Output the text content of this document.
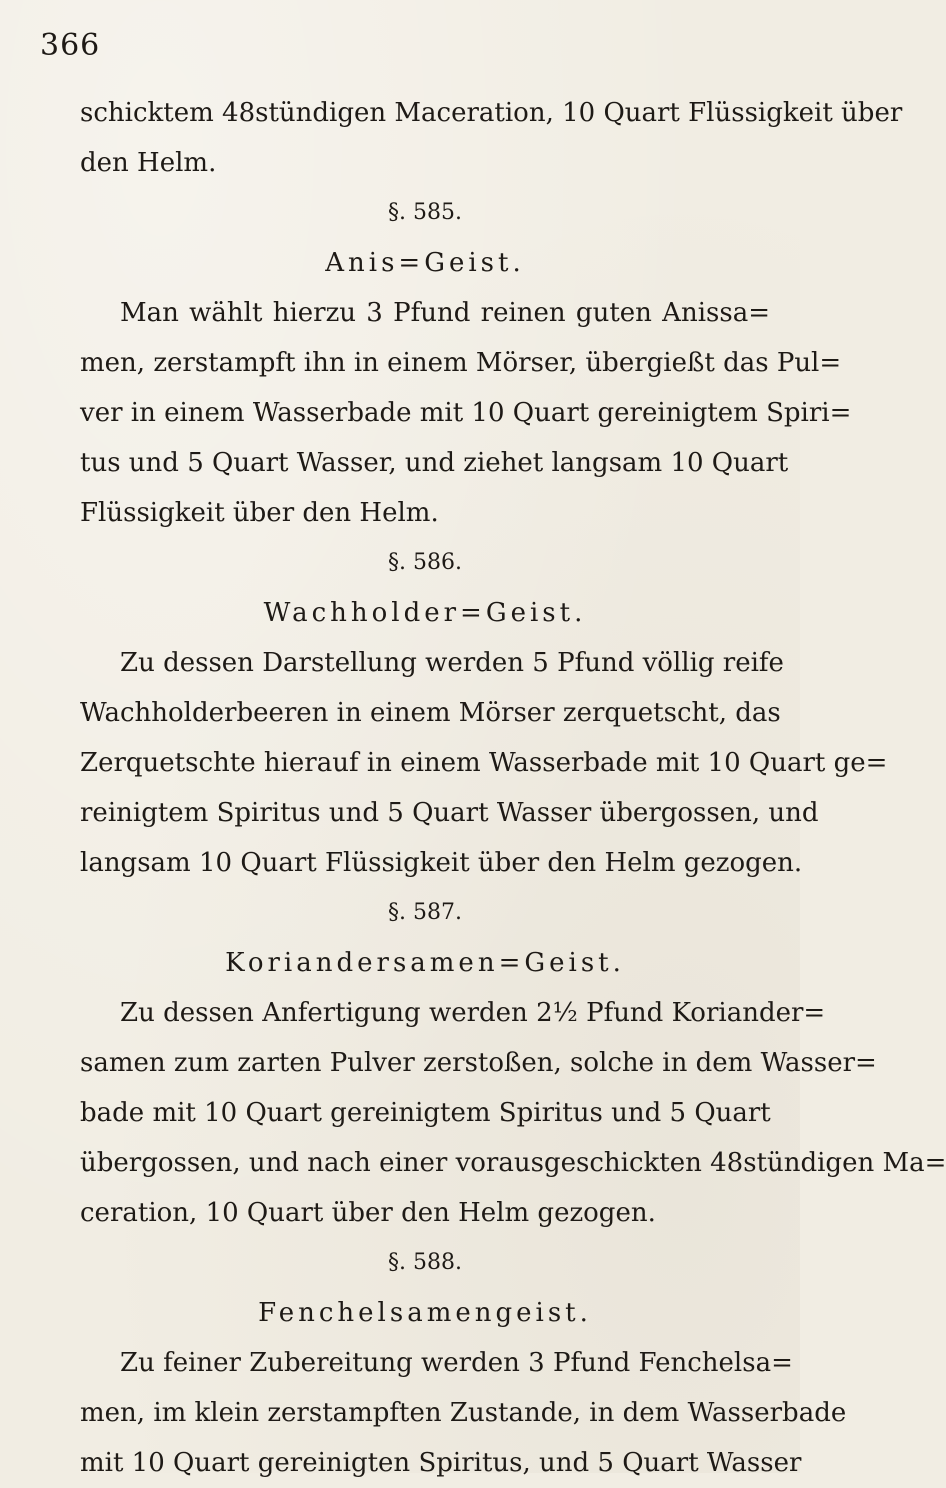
366
schicktem 48stündigen Maceration, 10 Quart Flüssigkeit über
den Helm.
§. 585.
Anis=Geist.
Man wählt hierzu 3 Pfund reinen guten Anissa=
men, zerstampft ihn in einem Mörser, übergießt das Pul=
ver in einem Wasserbade mit 10 Quart gereinigtem Spiri=
tus und 5 Quart Wasser, und ziehet langsam 10 Quart
Flüssigkeit über den Helm.
§. 586.
Wachholder=Geist.
Zu dessen Darstellung werden 5 Pfund völlig reife
Wachholderbeeren in einem Mörser zerquetscht, das
Zerquetschte hierauf in einem Wasserbade mit 10 Quart ge=
reinigtem Spiritus und 5 Quart Wasser übergossen, und
langsam 10 Quart Flüssigkeit über den Helm gezogen.
§. 587.
Koriandersamen=Geist.
Zu dessen Anfertigung werden 2½ Pfund Koriander=
samen zum zarten Pulver zerstoßen, solche in dem Wasser=
bade mit 10 Quart gereinigtem Spiritus und 5 Quart
übergossen, und nach einer vorausgeschickten 48stündigen Ma=
ceration, 10 Quart über den Helm gezogen.
§. 588.
Fenchelsamengeist.
Zu feiner Zubereitung werden 3 Pfund Fenchelsa=
men, im klein zerstampften Zustande, in dem Wasserbade
mit 10 Quart gereinigten Spiritus, und 5 Quart Wasser
